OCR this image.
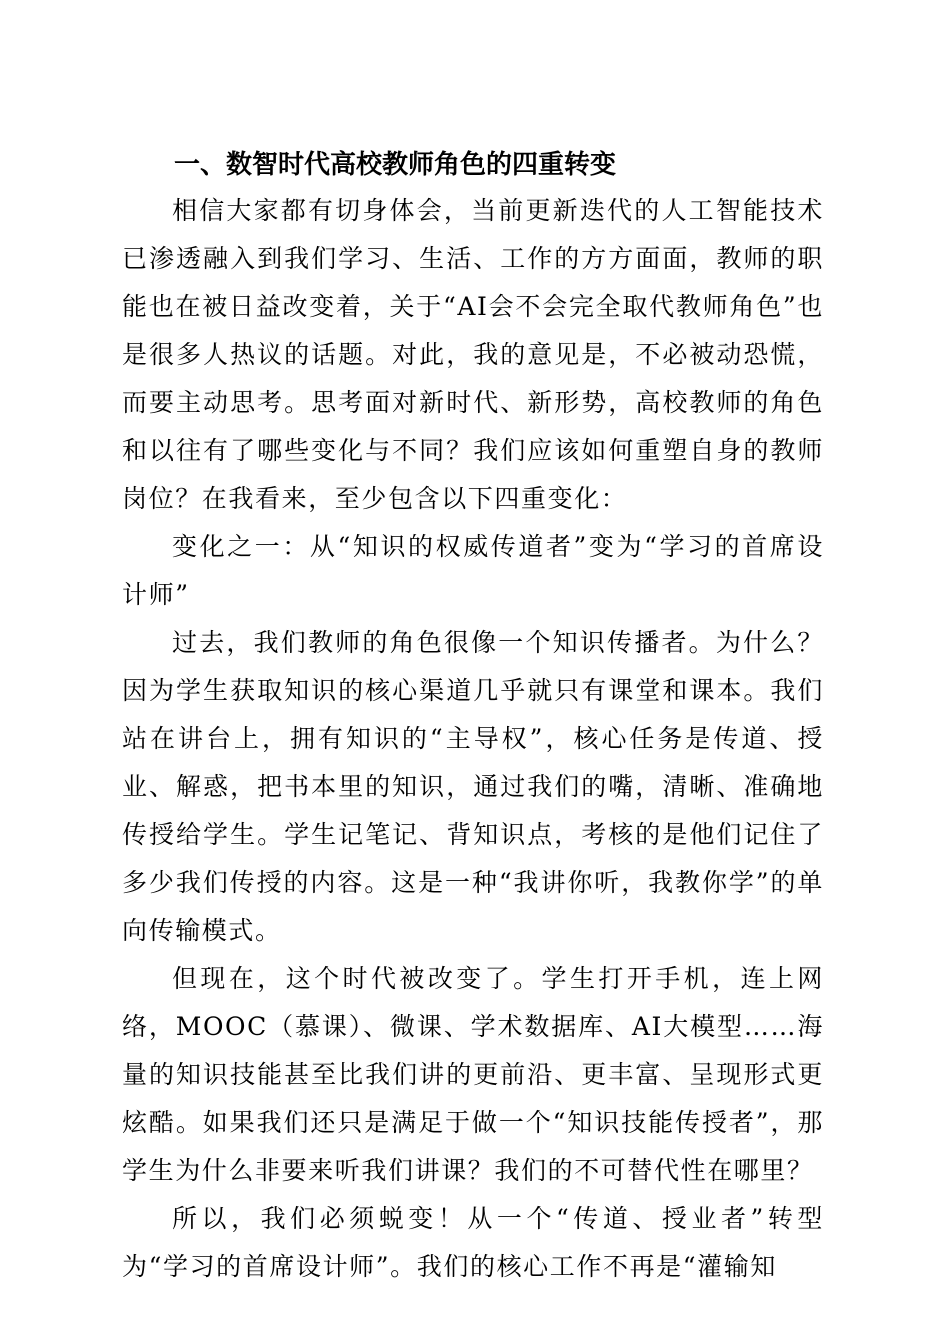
一、数智时代高校教师角色的四重转变

相信大家都有切身体会，当前更新迭代的人工智能技术已渗透融入到我们学习、生活、工作的方方面面，教师的职能也在被日益改变着，关于“AI会不会完全取代教师角色”也是很多人热议的话题。对此，我的意见是，不必被动恐慌，而要主动思考。思考面对新时代、新形势，高校教师的角色和以往有了哪些变化与不同？我们应该如何重塑自身的教师岗位？在我看来，至少包含以下四重变化：

变化之一：从“知识的权威传道者”变为“学习的首席设计师”

过去，我们教师的角色很像一个知识传播者。为什么？因为学生获取知识的核心渠道几乎就只有课堂和课本。我们站在讲台上，拥有知识的“主导权”，核心任务是传道、授业、解惑，把书本里的知识，通过我们的嘴，清晰、准确地传授给学生。学生记笔记、背知识点，考核的是他们记住了多少我们传授的内容。这是一种“我讲你听，我教你学”的单向传输模式。

但现在，这个时代被改变了。学生打开手机，连上网络，MOOC（慕课）、微课、学术数据库、AI大模型……海量的知识技能甚至比我们讲的更前沿、更丰富、呈现形式更炫酷。如果我们还只是满足于做一个“知识技能传授者”，那学生为什么非要来听我们讲课？我们的不可替代性在哪里？

所以，我们必须蜕变！从一个“传道、授业者”转型为“学习的首席设计师”。我们的核心工作不再是“灌输知
